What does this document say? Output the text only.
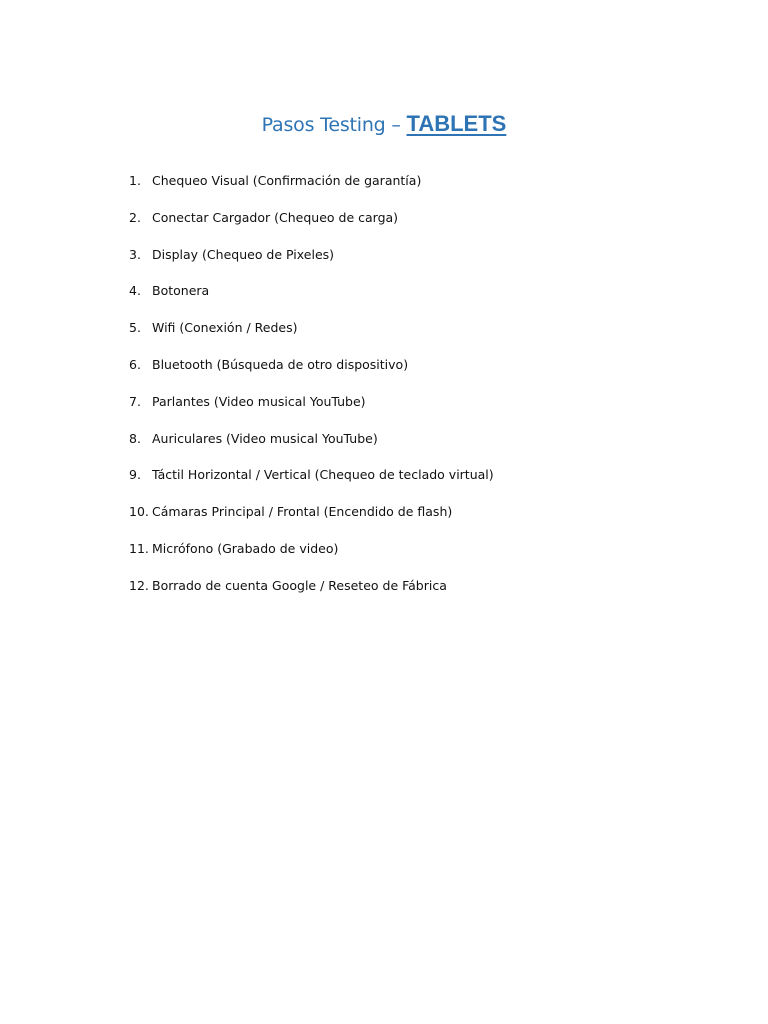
Pasos Testing – TABLETS
1. Chequeo Visual (Confirmación de garantía)
2. Conectar Cargador (Chequeo de carga)
3. Display (Chequeo de Pixeles)
4. Botonera
5. Wifi (Conexión / Redes)
6. Bluetooth (Búsqueda de otro dispositivo)
7. Parlantes (Video musical YouTube)
8. Auriculares (Video musical YouTube)
9. Táctil Horizontal / Vertical (Chequeo de teclado virtual)
10. Cámaras Principal / Frontal (Encendido de flash)
11. Micrófono (Grabado de video)
12. Borrado de cuenta Google / Reseteo de Fábrica
